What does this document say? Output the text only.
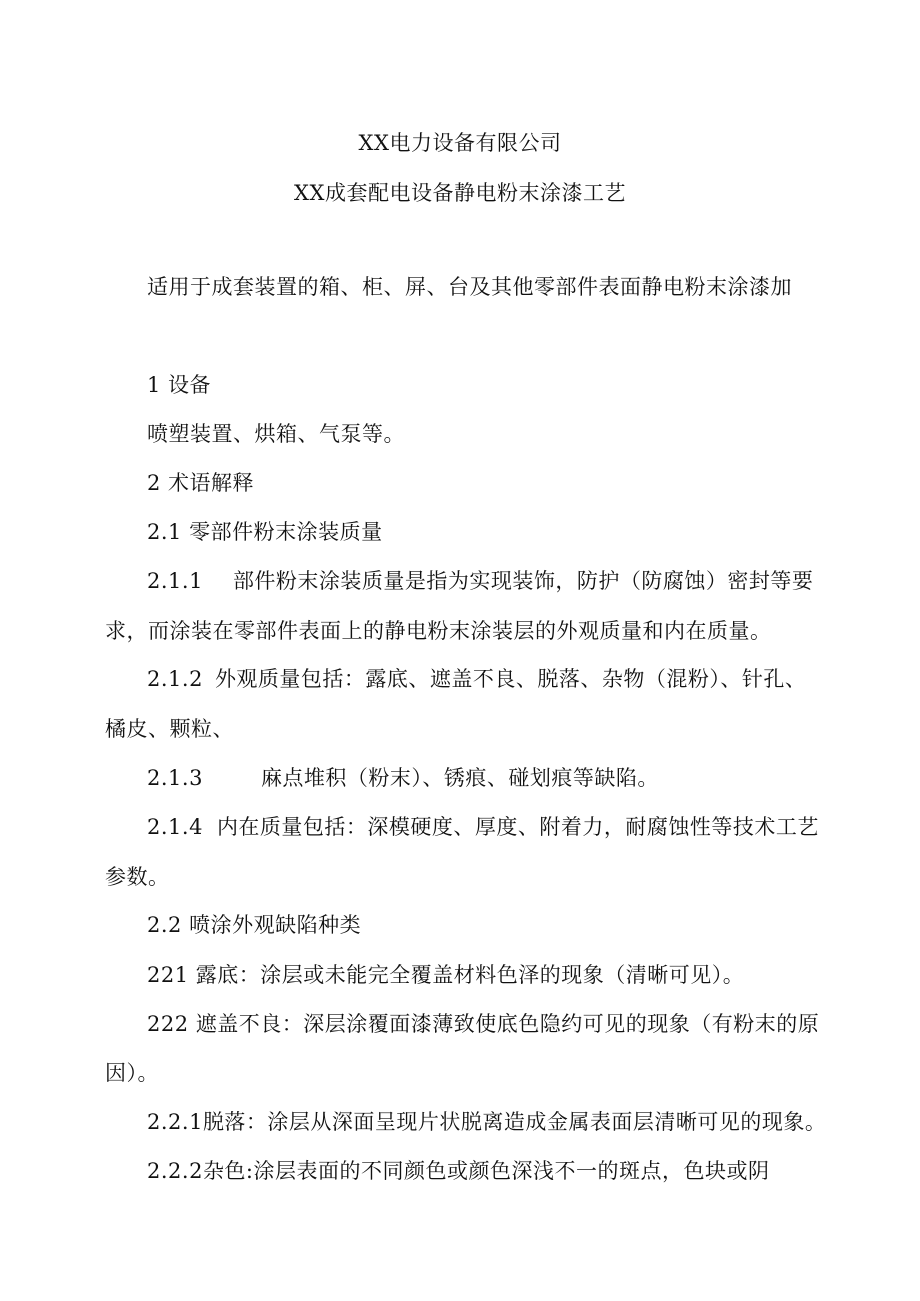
XX电力设备有限公司
XX成套配电设备静电粉末涂漆工艺
适用于成套装置的箱、柜、屏、台及其他零部件表面静电粉末涂漆加
1 设备
喷塑装置、烘箱、气泵等。
2 术语解释
2.1 零部件粉末涂装质量
2.1.1 部件粉末涂装质量是指为实现装饰，防护（防腐蚀）密封等要
求，而涂装在零部件表面上的静电粉末涂装层的外观质量和内在质量。
2.1.2 外观质量包括：露底、遮盖不良、脱落、杂物（混粉）、针孔、
橘皮、颗粒、
2.1.3	麻点堆积（粉末）、锈痕、碰划痕等缺陷。
2.1.4 内在质量包括：深模硬度、厚度、附着力，耐腐蚀性等技术工艺
参数。
2.2 喷涂外观缺陷种类
221 露底：涂层或未能完全覆盖材料色泽的现象（清晰可见）。
222 遮盖不良：深层涂覆面漆薄致使底色隐约可见的现象（有粉末的原
因）。
2.2.1脱落：涂层从深面呈现片状脱离造成金属表面层清晰可见的现象。
2.2.2杂色:涂层表面的不同颜色或颜色深浅不一的斑点，色块或阴
